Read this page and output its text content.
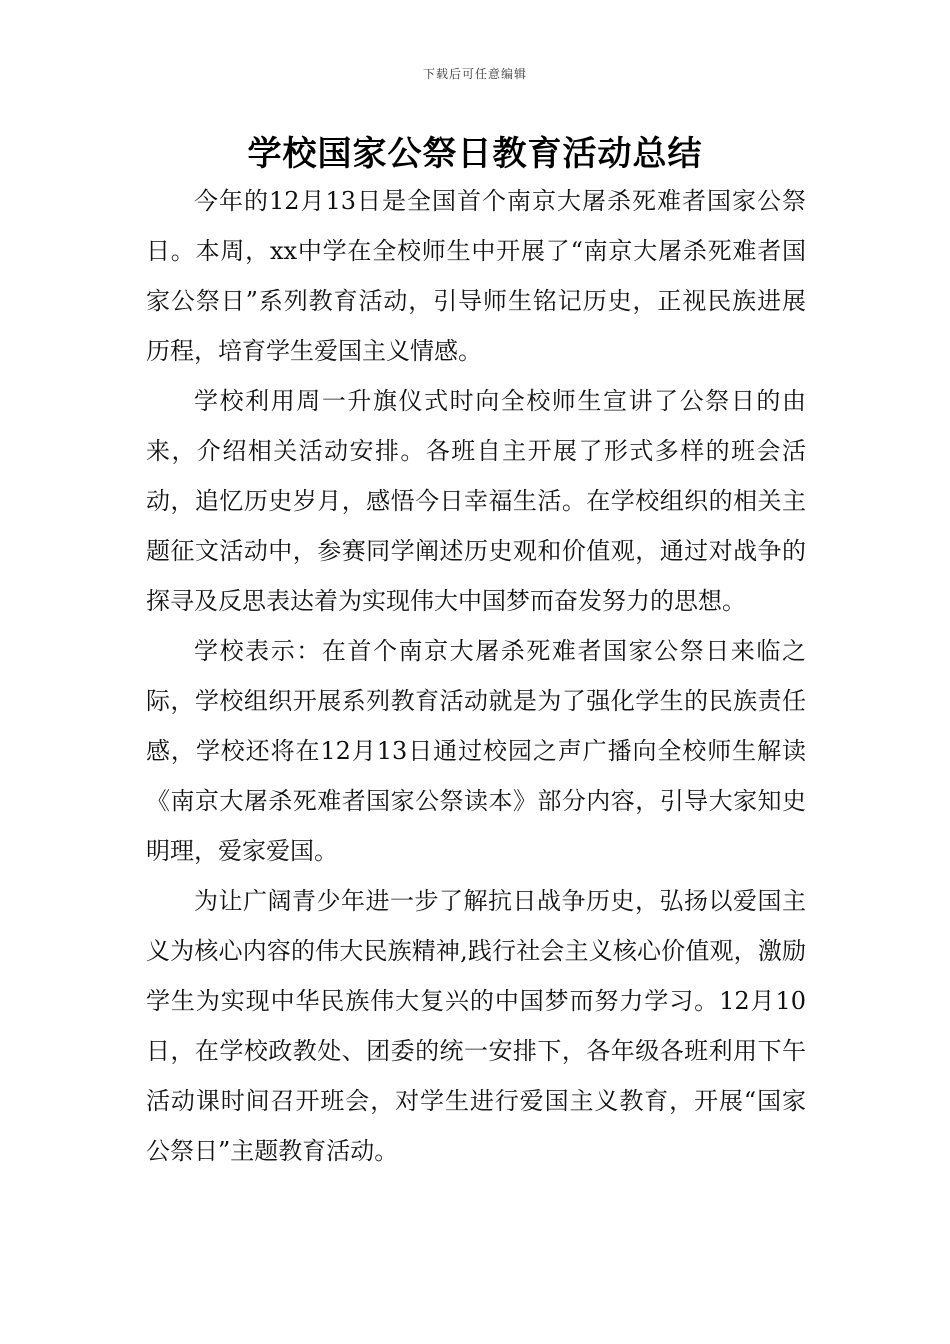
下载后可任意编辑
学校国家公祭日教育活动总结

今年的12月13日是全国首个南京大屠杀死难者国家公祭日。本周，xx中学在全校师生中开展了“南京大屠杀死难者国家公祭日”系列教育活动，引导师生铭记历史，正视民族进展历程，培育学生爱国主义情感。

学校利用周一升旗仪式时向全校师生宣讲了公祭日的由来，介绍相关活动安排。各班自主开展了形式多样的班会活动，追忆历史岁月，感悟今日幸福生活。在学校组织的相关主题征文活动中，参赛同学阐述历史观和价值观，通过对战争的探寻及反思表达着为实现伟大中国梦而奋发努力的思想。

学校表示：在首个南京大屠杀死难者国家公祭日来临之际，学校组织开展系列教育活动就是为了强化学生的民族责任感，学校还将在12月13日通过校园之声广播向全校师生解读《南京大屠杀死难者国家公祭读本》部分内容，引导大家知史明理，爱家爱国。

为让广阔青少年进一步了解抗日战争历史，弘扬以爱国主义为核心内容的伟大民族精神,践行社会主义核心价值观，激励学生为实现中华民族伟大复兴的中国梦而努力学习。12月10日，在学校政教处、团委的统一安排下，各年级各班利用下午活动课时间召开班会，对学生进行爱国主义教育，开展“国家公祭日”主题教育活动。
